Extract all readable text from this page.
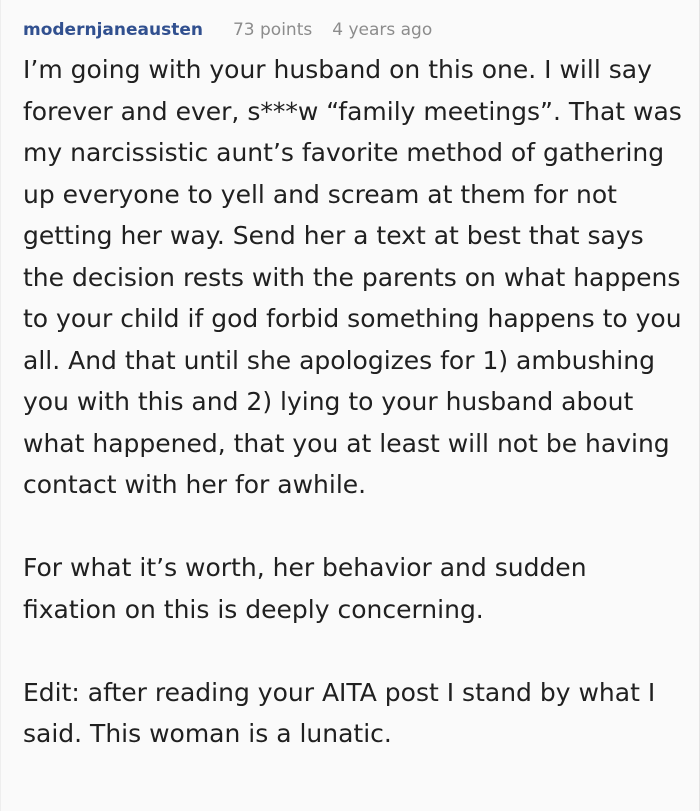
modernjaneausten 73 points 4 years ago

I’m going with your husband on this one. I will say forever and ever, s***w “family meetings”. That was my narcissistic aunt’s favorite method of gathering up everyone to yell and scream at them for not getting her way. Send her a text at best that says the decision rests with the parents on what happens to your child if god forbid something happens to you all. And that until she apologizes for 1) ambushing you with this and 2) lying to your husband about what happened, that you at least will not be having contact with her for awhile.

For what it’s worth, her behavior and sudden fixation on this is deeply concerning.

Edit: after reading your AITA post I stand by what I said. This woman is a lunatic.
